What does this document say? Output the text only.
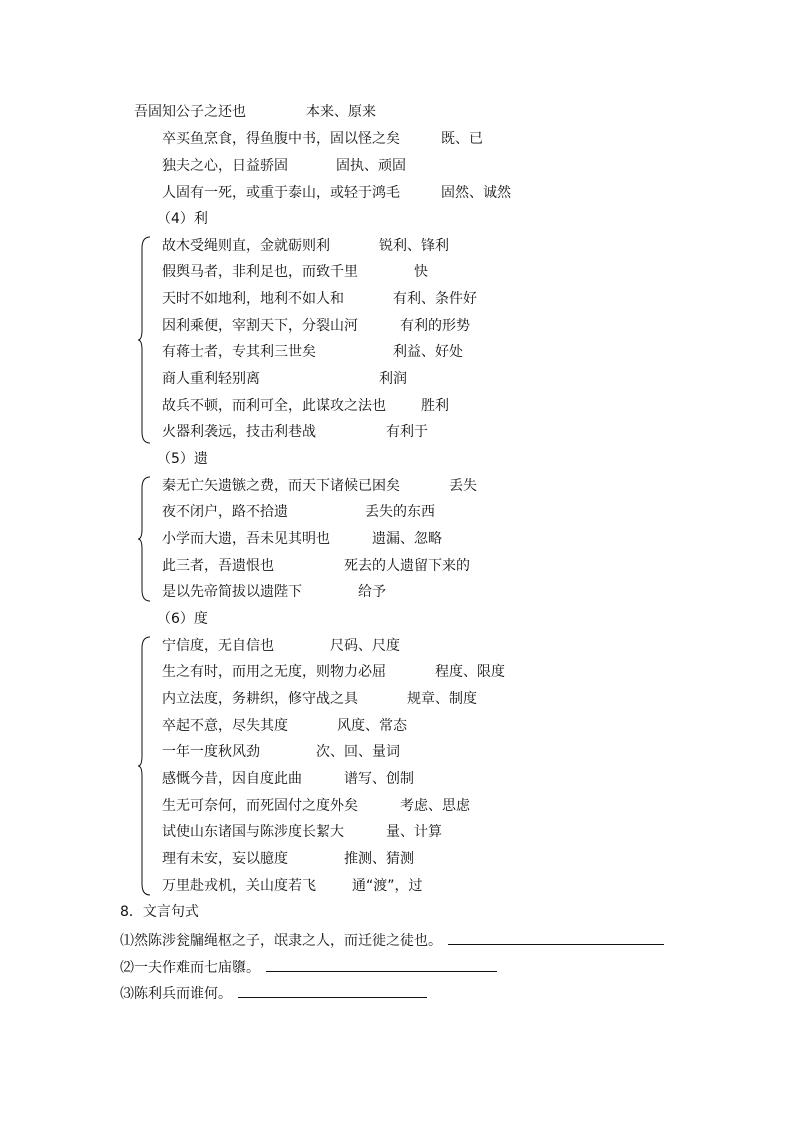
吾固知公子之还也	本来、原来
卒买鱼烹食，得鱼腹中书，固以怪之矣	既、已
独夫之心，日益骄固	固执、顽固
人固有一死，或重于泰山，或轻于鸿毛	固然、诚然
（4）利
故木受绳则直，金就砺则利	锐利、锋利
假舆马者，非利足也，而致千里	快
天时不如地利，地利不如人和	有利、条件好
因利乘便，宰割天下，分裂山河	有利的形势
有蒋士者，专其利三世矣	利益、好处
商人重利轻别离	利润
故兵不顿，而利可全，此谋攻之法也	胜利
火器利袭远，技击利巷战	有利于
（5）遗
秦无亡矢遗镞之费，而天下诸候已困矣	丢失
夜不闭户，路不拾遗	丢失的东西
小学而大遗，吾未见其明也	遗漏、忽略
此三者，吾遗恨也	死去的人遗留下来的
是以先帝简拔以遗陛下	给予
（6）度
宁信度，无自信也	尺码、尺度
生之有时，而用之无度，则物力必屈	程度、限度
内立法度，务耕织，修守战之具	规章、制度
卒起不意，尽失其度	风度、常态
一年一度秋风劲	次、回、量词
感慨今昔，因自度此曲	谱写、创制
生无可奈何，而死固付之度外矣	考虑、思虑
试使山东诸国与陈涉度长絜大	量、计算
理有未安，妄以臆度	推测、猜测
万里赴戎机，关山度若飞	通“渡”，过
8．文言句式
⑴然陈涉瓮牖绳枢之子，氓隶之人，而迁徙之徒也。
⑵一夫作难而七庙隳。
⑶陈利兵而谁何。
